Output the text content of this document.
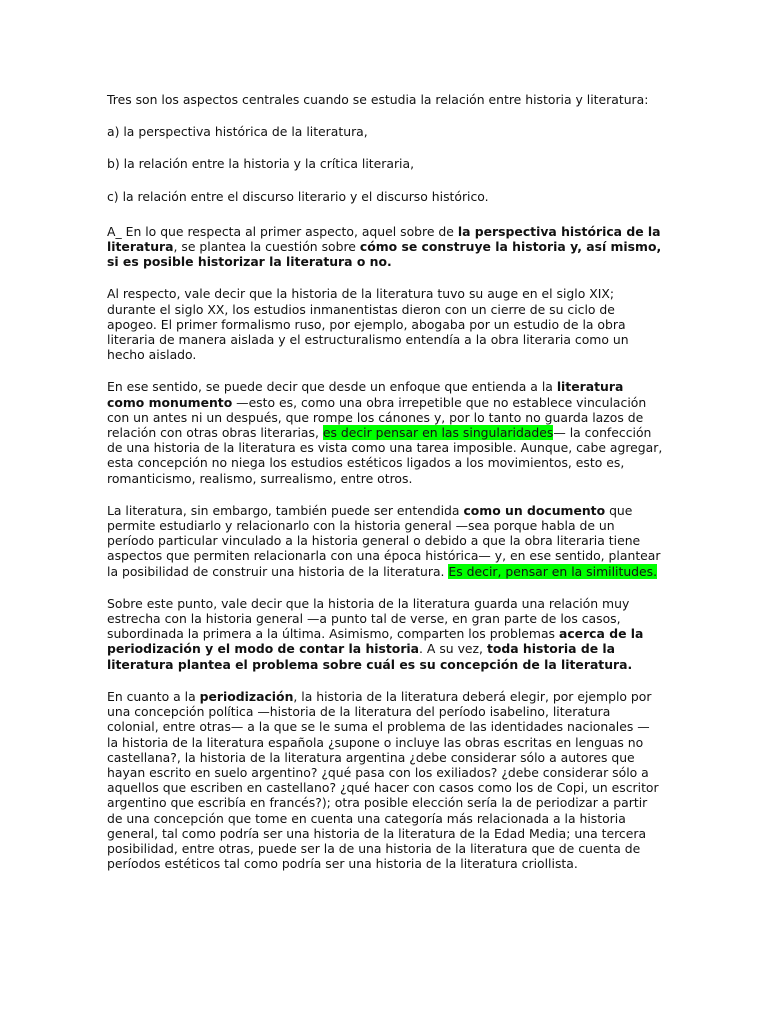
Tres son los aspectos centrales cuando se estudia la relación entre historia y literatura:

a) la perspectiva histórica de la literatura,

b) la relación entre la historia y la crítica literaria,

c) la relación entre el discurso literario y el discurso histórico.

A_ En lo que respecta al primer aspecto, aquel sobre de la perspectiva histórica de la literatura, se plantea la cuestión sobre cómo se construye la historia y, así mismo, si es posible historizar la literatura o no.

Al respecto, vale decir que la historia de la literatura tuvo su auge en el siglo XIX; durante el siglo XX, los estudios inmanentistas dieron con un cierre de su ciclo de apogeo. El primer formalismo ruso, por ejemplo, abogaba por un estudio de la obra literaria de manera aislada y el estructuralismo entendía a la obra literaria como un hecho aislado.

En ese sentido, se puede decir que desde un enfoque que entienda a la literatura como monumento —esto es, como una obra irrepetible que no establece vinculación con un antes ni un después, que rompe los cánones y, por lo tanto no guarda lazos de relación con otras obras literarias, es decir pensar en las singularidades— la confección de una historia de la literatura es vista como una tarea imposible. Aunque, cabe agregar, esta concepción no niega los estudios estéticos ligados a los movimientos, esto es, romanticismo, realismo, surrealismo, entre otros.

La literatura, sin embargo, también puede ser entendida como un documento que permite estudiarlo y relacionarlo con la historia general —sea porque habla de un período particular vinculado a la historia general o debido a que la obra literaria tiene aspectos que permiten relacionarla con una época histórica— y, en ese sentido, plantear la posibilidad de construir una historia de la literatura. Es decir, pensar en la similitudes.

Sobre este punto, vale decir que la historia de la literatura guarda una relación muy estrecha con la historia general —a punto tal de verse, en gran parte de los casos, subordinada la primera a la última. Asimismo, comparten los problemas acerca de la periodización y el modo de contar la historia. A su vez, toda historia de la literatura plantea el problema sobre cuál es su concepción de la literatura.

En cuanto a la periodización, la historia de la literatura deberá elegir, por ejemplo por una concepción política —historia de la literatura del período isabelino, literatura colonial, entre otras— a la que se le suma el problema de las identidades nacionales — la historia de la literatura española ¿supone o incluye las obras escritas en lenguas no castellana?, la historia de la literatura argentina ¿debe considerar sólo a autores que hayan escrito en suelo argentino? ¿qué pasa con los exiliados? ¿debe considerar sólo a aquellos que escriben en castellano? ¿qué hacer con casos como los de Copi, un escritor argentino que escribía en francés?); otra posible elección sería la de periodizar a partir de una concepción que tome en cuenta una categoría más relacionada a la historia general, tal como podría ser una historia de la literatura de la Edad Media; una tercera posibilidad, entre otras, puede ser la de una historia de la literatura que de cuenta de períodos estéticos tal como podría ser una historia de la literatura criollista.
